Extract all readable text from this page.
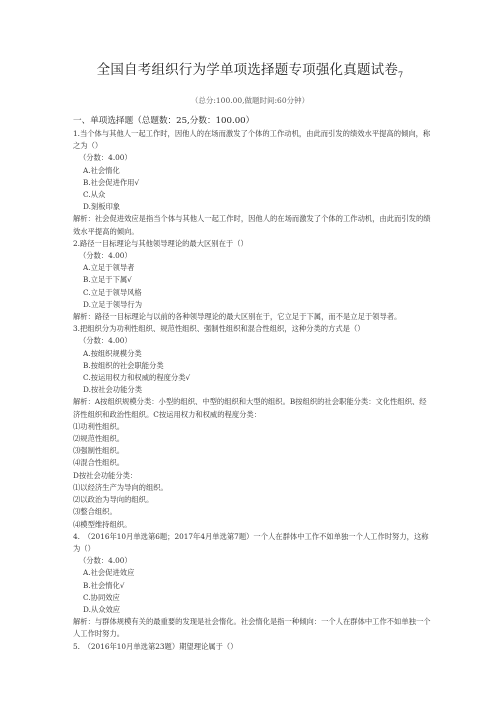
全国自考组织行为学单项选择题专项强化真题试卷$_7$
（总分:100.00,做题时间:60分钟）
一、单项选择题（总题数：25,分数：100.00）

1.当个体与其他人一起工作时，因他人的在场而激发了个体的工作动机，由此而引发的绩效水平提高的倾向，称之为（）

（分数：4.00）

A.社会惰化

B.社会促进作用√

C.从众

D.刻板印象

解析：社会促进效应是指当个体与其他人一起工作时，因他人的在场而激发了个体的工作动机，由此而引发的绩效水平提高的倾向。

2.路径一目标理论与其他领导理论的最大区别在于（）

（分数：4.00）

A.立足于领导者

B.立足于下属√

C.立足于领导风格

D.立足于领导行为

解析：路径一目标理论与以前的各种领导理论的最大区别在于，它立足于下属，而不是立足于领导者。

3.把组织分为功利性组织、规范性组织、强制性组织和混合性组织，这种分类的方式是（）

（分数：4.00）

A.按组织规模分类

B.按组织的社会职能分类

C.按运用权力和权威的程度分类√

D.按社会功能分类

解析：A按组织规模分类：小型的组织、中型的组织和大型的组织。B按组织的社会职能分类：文化性组织、经济性组织和政治性组织。C按运用权力和权威的程度分类：

⑴功利性组织。

⑵规范性组织。

⑶强制性组织。

⑷混合性组织。

D按社会功能分类：

⑴以经济生产为导向的组织。

⑵以政治为导向的组织。

⑶整合组织。

⑷模型维持组织。

4.　（2016年10月单选第6题；2017年4月单选第7题）一个人在群体中工作不如单独一个人工作时努力，这称为（）

（分数：4.00）

A.社会促进效应

B.社会惰化√

C.协同效应

D.从众效应

解析：与群体规模有关的最重要的发现是社会惰化。社会惰化是指一种倾向：一个人在群体中工作不如单独一个人工作时努力。

5.　（2016年10月单选第23题）期望理论属于（）
